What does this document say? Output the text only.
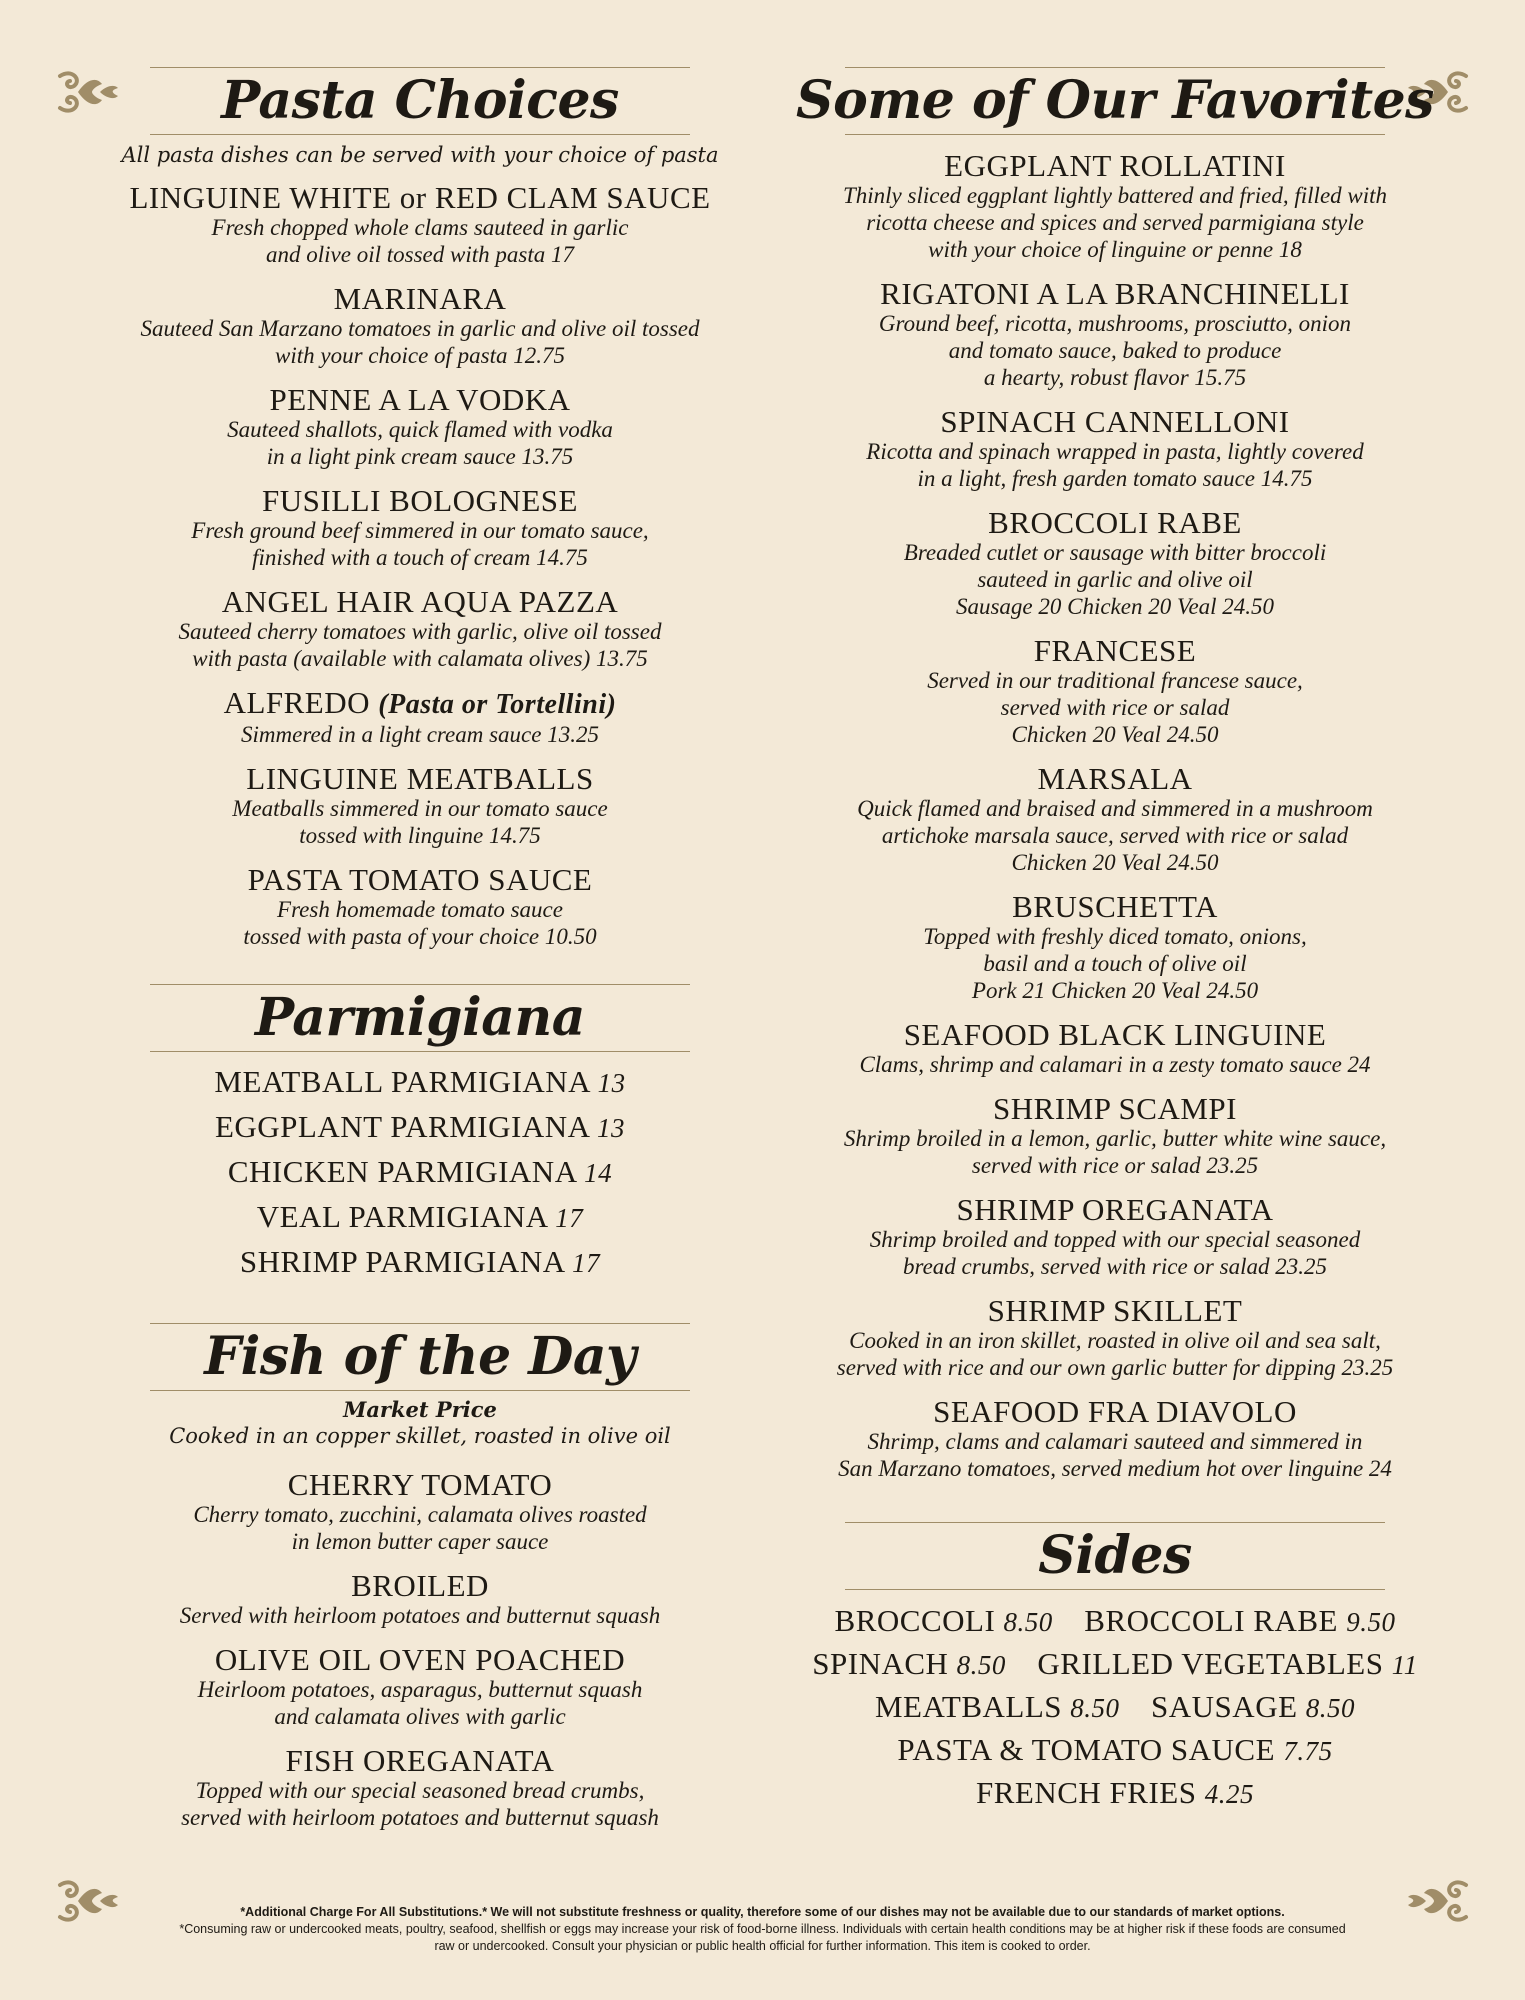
Pasta Choices
All pasta dishes can be served with your choice of pasta
LINGUINE WHITE or RED CLAM SAUCE
Fresh chopped whole clams sauteed in garlic
and olive oil tossed with pasta 17
MARINARA
Sauteed San Marzano tomatoes in garlic and olive oil tossed
with your choice of pasta 12.75
PENNE A LA VODKA
Sauteed shallots, quick flamed with vodka
in a light pink cream sauce 13.75
FUSILLI BOLOGNESE
Fresh ground beef simmered in our tomato sauce,
finished with a touch of cream 14.75
ANGEL HAIR AQUA PAZZA
Sauteed cherry tomatoes with garlic, olive oil tossed
with pasta (available with calamata olives) 13.75
ALFREDO (Pasta or Tortellini)
Simmered in a light cream sauce 13.25
LINGUINE MEATBALLS
Meatballs simmered in our tomato sauce
tossed with linguine 14.75
PASTA TOMATO SAUCE
Fresh homemade tomato sauce
tossed with pasta of your choice 10.50
Parmigiana
MEATBALL PARMIGIANA 13
EGGPLANT PARMIGIANA 13
CHICKEN PARMIGIANA 14
VEAL PARMIGIANA 17
SHRIMP PARMIGIANA 17
Fish of the Day
Market Price
Cooked in an copper skillet, roasted in olive oil
CHERRY TOMATO
Cherry tomato, zucchini, calamata olives roasted
in lemon butter caper sauce
BROILED
Served with heirloom potatoes and butternut squash
OLIVE OIL OVEN POACHED
Heirloom potatoes, asparagus, butternut squash
and calamata olives with garlic
FISH OREGANATA
Topped with our special seasoned bread crumbs,
served with heirloom potatoes and butternut squash
Some of Our Favorites
EGGPLANT ROLLATINI
Thinly sliced eggplant lightly battered and fried, filled with
ricotta cheese and spices and served parmigiana style
with your choice of linguine or penne 18
RIGATONI A LA BRANCHINELLI
Ground beef, ricotta, mushrooms, prosciutto, onion
and tomato sauce, baked to produce
a hearty, robust flavor 15.75
SPINACH CANNELLONI
Ricotta and spinach wrapped in pasta, lightly covered
in a light, fresh garden tomato sauce 14.75
BROCCOLI RABE
Breaded cutlet or sausage with bitter broccoli
sauteed in garlic and olive oil
Sausage 20 Chicken 20 Veal 24.50
FRANCESE
Served in our traditional francese sauce,
served with rice or salad
Chicken 20 Veal 24.50
MARSALA
Quick flamed and braised and simmered in a mushroom
artichoke marsala sauce, served with rice or salad
Chicken 20 Veal 24.50
BRUSCHETTA
Topped with freshly diced tomato, onions,
basil and a touch of olive oil
Pork 21 Chicken 20 Veal 24.50
SEAFOOD BLACK LINGUINE
Clams, shrimp and calamari in a zesty tomato sauce 24
SHRIMP SCAMPI
Shrimp broiled in a lemon, garlic, butter white wine sauce,
served with rice or salad 23.25
SHRIMP OREGANATA
Shrimp broiled and topped with our special seasoned
bread crumbs, served with rice or salad 23.25
SHRIMP SKILLET
Cooked in an iron skillet, roasted in olive oil and sea salt,
served with rice and our own garlic butter for dipping 23.25
SEAFOOD FRA DIAVOLO
Shrimp, clams and calamari sauteed and simmered in
San Marzano tomatoes, served medium hot over linguine 24
Sides
BROCCOLI 8.50  BROCCOLI RABE 9.50
SPINACH 8.50  GRILLED VEGETABLES 11
MEATBALLS 8.50  SAUSAGE 8.50
PASTA & TOMATO SAUCE 7.75
FRENCH FRIES 4.25
*Additional Charge For All Substitutions.* We will not substitute freshness or quality, therefore some of our dishes may not be available due to our standards of market options.
*Consuming raw or undercooked meats, poultry, seafood, shellfish or eggs may increase your risk of food-borne illness. Individuals with certain health conditions may be at higher risk if these foods are consumed
raw or undercooked. Consult your physician or public health official for further information. This item is cooked to order.
